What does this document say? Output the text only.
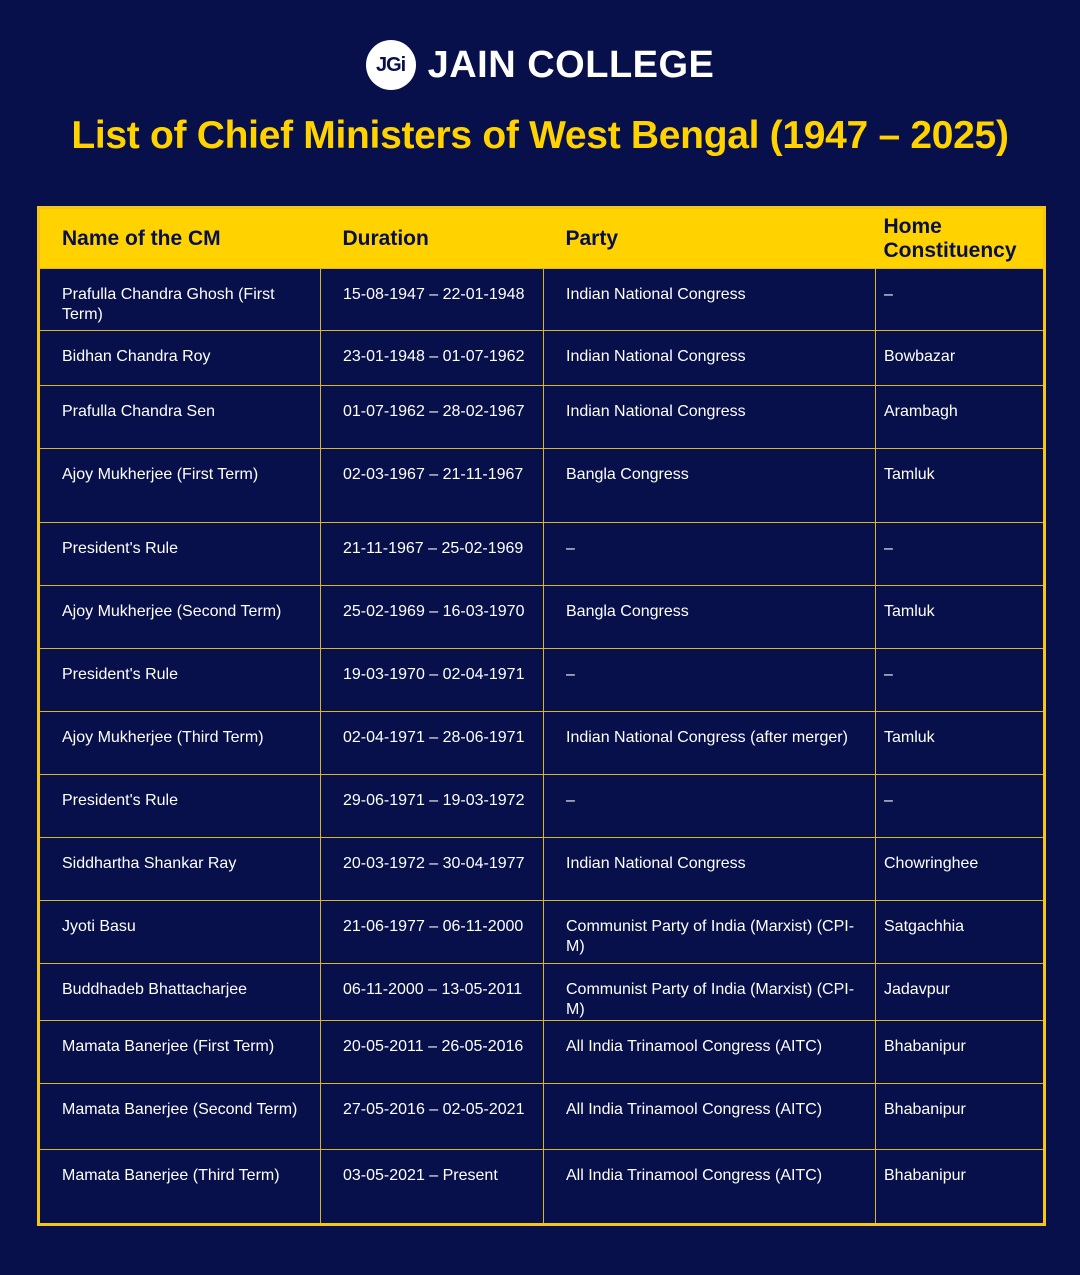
JGi JAIN COLLEGE
List of Chief Ministers of West Bengal (1947 – 2025)
Name of the CM	Duration	Party	Home Constituency

Prafulla Chandra Ghosh (First Term)	15-08-1947 – 22-01-1948	Indian National Congress	–

Bidhan Chandra Roy	23-01-1948 – 01-07-1962	Indian National Congress	Bowbazar

Prafulla Chandra Sen	01-07-1962 – 28-02-1967	Indian National Congress	Arambagh

Ajoy Mukherjee (First Term)	02-03-1967 – 21-11-1967	Bangla Congress	Tamluk

President's Rule	21-11-1967 – 25-02-1969	–	–

Ajoy Mukherjee (Second Term)	25-02-1969 – 16-03-1970	Bangla Congress	Tamluk

President's Rule	19-03-1970 – 02-04-1971	–	–

Ajoy Mukherjee (Third Term)	02-04-1971 – 28-06-1971	Indian National Congress (after merger)	Tamluk

President's Rule	29-06-1971 – 19-03-1972	–	–

Siddhartha Shankar Ray	20-03-1972 – 30-04-1977	Indian National Congress	Chowringhee

Jyoti Basu	21-06-1977 – 06-11-2000	Communist Party of India (Marxist) (CPI-M)	Satgachhia

Buddhadeb Bhattacharjee	06-11-2000 – 13-05-2011	Communist Party of India (Marxist) (CPI-M)	Jadavpur

Mamata Banerjee (First Term)	20-05-2011 – 26-05-2016	All India Trinamool Congress (AITC)	Bhabanipur

Mamata Banerjee (Second Term)	27-05-2016 – 02-05-2021	All India Trinamool Congress (AITC)	Bhabanipur

Mamata Banerjee (Third Term)	03-05-2021 – Present	All India Trinamool Congress (AITC)	Bhabanipur
